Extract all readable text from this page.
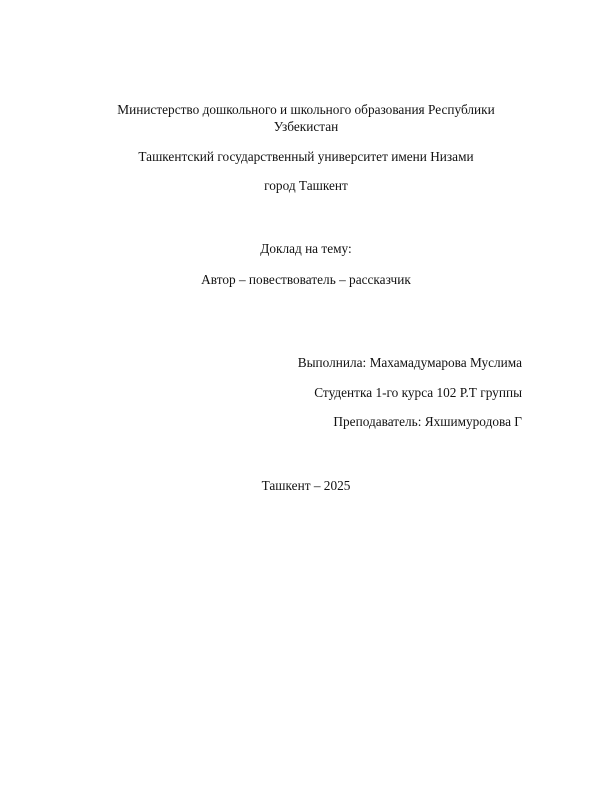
Министерство дошкольного и школьного образования Республики
Узбекистан
Ташкентский государственный университет имени Низами
город Ташкент
Доклад на тему:
Автор – повествователь – рассказчик
Выполнила: Махамадумарова Муслима
Студентка 1-го курса 102 Р.Т группы
Преподаватель: Яхшимуродова Г
Ташкент – 2025
